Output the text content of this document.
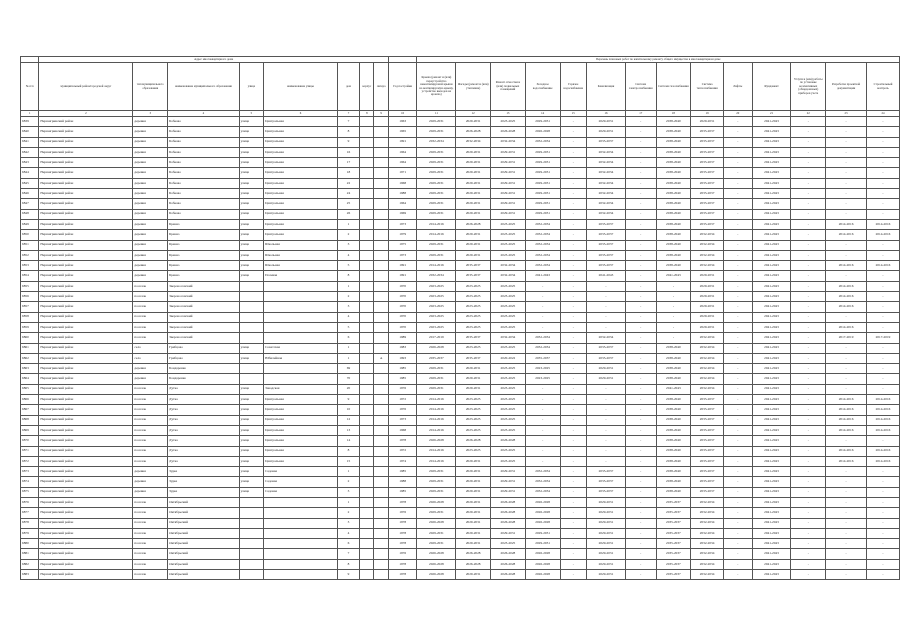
	Адрес многоквартирного дома									Перечень плановых работ по капитальному ремонту общего имущества в многоквартирном доме													
№ п/п	муниципальный район/городской округ	тип муниципального образования	наименование муниципального образования	улица	наименование улицы	дом	корпус	литера	Год постройки	Крыша (ремонт и (или) переустройство невентилируемой крыши на вентилируемую крышу, устройство выходов на кровлю)	Фасады (ремонт и (или) утепление)	Ремонт отмостки и (или) подвальных помещений	Холодное водоснабжение	Горячее водоснабжение	Канализация	Система электроснабжения	Система газоснабжения	Система теплоснабжения	Лифты	Фундамент	Услуги и (или) работы по установке коллективных (общедомовых) приборов учета	Разработка проектной документации	Строительный контроль
1	2	3	4	5	6	7	8	9	10	11	12	13	14	15	16	17	18	19	20	21	22	23	24
6839	Нерюнгринский район	деревня	Бобково	улица	Центральная	7			1963	2029-2031	2029-2031	2023-2025	2029-2031	-	2029-2031	-	2038-2040	2029-2031	-	2041-2043	-	-	-
6840	Нерюнгринский район	деревня	Бобково	улица	Центральная	8			1965	2029-2031	2026-2028	2026-2028	2026-2028	-	2029-2031	-	2038-2040	2035-2037	-	2041-2043	-	-	-
6841	Нерюнгринский район	деревня	Бобково	улица	Центральная	9			1991	2032-2034	2032-2034	2032-2034	2032-2034	-	2035-2037	-	2038-2040	2035-2037	-	2041-2043	-	-	-
6842	Нерюнгринский район	деревня	Бобково	улица	Центральная	16			1964	2029-2031	2029-2031	2029-2031	2029-2031	-	2032-2034	-	2038-2040	2035-2037	-	2041-2043	-	-	-
6843	Нерюнгринский район	деревня	Бобково	улица	Центральная	17			1964	2029-2031	2029-2031	2029-2031	2029-2031	-	2032-2034	-	2038-2040	2035-2037	-	2041-2043	-	-	-
6844	Нерюнгринский район	деревня	Бобково	улица	Центральная	18			1971	2029-2031	2029-2031	2029-2031	2029-2031	-	2032-2034	-	2038-2040	2035-2037	-	2041-2043	-	-	-
6845	Нерюнгринский район	деревня	Бобково	улица	Центральная	22			1968	2029-2031	2029-2031	2029-2031	2029-2031	-	2032-2034	-	2038-2040	2035-2037	-	2041-2043	-	-	-
6846	Нерюнгринский район	деревня	Бобково	улица	Центральная	24			1988	2029-2031	2029-2031	2029-2031	2029-2031	-	2032-2034	-	2038-2040	2035-2037	-	2041-2043	-	-	-
6847	Нерюнгринский район	деревня	Бобково	улица	Центральная	25			1964	2029-2031	2029-2031	2029-2031	2029-2031	-	2032-2034	-	2038-2040	2035-2037	-	2041-2043	-	-	-
6848	Нерюнгринский район	деревня	Бобково	улица	Центральная	26			1969	2029-2031	2029-2031	2029-2031	2029-2031	-	2032-2034	-	2038-2040	2035-2037	-	2041-2043	-	-	-
6849	Нерюнгринский район	деревня	Бревно	улица	Центральная	1			1973	2014-2016	2026-2028	2023-2025	2032-2034	-	2035-2037	-	2038-2040	2035-2037	-	2041-2043	-	2014-2016	2014-2016
6850	Нерюнгринский район	деревня	Бревно	улица	Центральная	2			1979	2014-2016	2029-2031	2023-2025	2032-2034	-	2035-2037	-	2038-2040	2032-2034	-	2041-2043	-	2014-2016	2014-2016
6851	Нерюнгринский район	деревня	Бревно	улица	Школьная	3			1975	2029-2031	2029-2031	2023-2025	2032-2034	-	2035-2037	-	2038-2040	2032-2034	-	2041-2043	-	-	-
6852	Нерюнгринский район	деревня	Бревно	улица	Школьная	4			1973	2029-2031	2029-2031	2023-2025	2032-2034	-	2035-2037	-	2038-2040	2032-2034	-	2041-2043	-	-	-
6853	Нерюнгринский район	деревня	Бревно	улица	Школьная	5			1991	2014-2016	2035-2037	2032-2034	2032-2034	-	2035-2037	-	2038-2040	2032-2034	-	2041-2043	-	2014-2016	2014-2016
6854	Нерюнгринский район	деревня	Бревно	улица	Полевая	8			1991	2032-2034	2035-2037	2032-2034	2041-2043	-	2041-2043	-	2041-2043	2029-2031	-	2041-2043	-	-	-
6855	Нерюнгринский район	поселок	Звероносовский			1			1970	2023-2025	2023-2025	2023-2025	-	-	-	-	-	2029-2031	-	2041-2043	-	2014-2016	-
6856	Нерюнгринский район	поселок	Звероносовский			2			1970	2023-2025	2023-2025	2023-2025	-	-	-	-	-	2029-2031	-	2041-2043	-	2014-2016	-
6857	Нерюнгринский район	поселок	Звероносовский			3			1970	2023-2025	2023-2025	2023-2025	-	-	-	-	-	2029-2031	-	2041-2043	-	2014-2016	-
6858	Нерюнгринский район	поселок	Звероносовский			4			1970	2023-2025	2023-2025	2023-2025	-	-	-	-	-	2029-2031	-	2041-2043	-	-	-
6859	Нерюнгринский район	поселок	Звероносовский			5			1970	2023-2025	2023-2025	2023-2025	-	-	-	-	-	2029-2031	-	2041-2043	-	2014-2016	-
6860	Нерюнгринский район	поселок	Звероносовский			6			1989	2017-2019	2035-2037	2032-2034	2032-2034	-	2032-2034	-	-	2032-2034	-	2041-2043	-	2017-2019	2017-2019
6861	Нерюнгринский район	село	Грибцово	улица	Советская	1			1983	2026-2028	2023-2025	2023-2025	2032-2034	-	2035-2037	-	2038-2040	2032-2034	-	2041-2043	-	-	-
6862	Нерюнгринский район	село	Грибцово	улица	Юбилейная	1		А	1993	2035-2037	2035-2037	2020-2022	2035-2037	-	2035-2037	-	2038-2040	2032-2034	-	2041-2043	-	-	-
6863	Нерюнгринский район	деревня	Бондаренко			69			1985	2029-2031	2029-2031	2023-2025	2023-2025	-	2029-2031	-	2038-2040	2032-2034	-	2041-2043	-	-	-
6864	Нерюнгринский район	деревня	Бондаренко			70			1985	2029-2031	2029-2031	2023-2025	2023-2025	-	2029-2031	-	2038-2040	2032-2034	-	2041-2043	-	-	-
6865	Нерюнгринский район	поселок	Дутка	улица	Заводская	20			1976	2029-2031	2029-2031	2023-2025	-	-	-	-	2041-2043	2032-2034	-	2041-2043	-	-	-
6866	Нерюнгринский район	поселок	Дутка	улица	Центральная	9			1972	2014-2016	2023-2025	2023-2025	-	-	-	-	2038-2040	2035-2037	-	2041-2043	-	2014-2016	2014-2016
6867	Нерюнгринский район	поселок	Дутка	улица	Центральная	10			1976	2014-2016	2023-2025	2023-2025	-	-	-	-	2038-2040	2035-2037	-	2041-2043	-	2014-2016	2014-2016
6868	Нерюнгринский район	поселок	Дутка	улица	Центральная	12			1973	2014-2016	2023-2025	2023-2025	-	-	-	-	2038-2040	2035-2037	-	2041-2043	-	2014-2016	2014-2016
6869	Нерюнгринский район	поселок	Дутка	улица	Центральная	13			1968	2014-2016	2023-2025	2023-2025	-	-	-	-	2038-2040	2035-2037	-	2041-2043	-	2014-2016	2014-2016
6870	Нерюнгринский район	поселок	Дутка	улица	Центральная	14			1978	2026-2028	2026-2028	2026-2028	-	-	-	-	2038-2040	2035-2037	-	2041-2043	-	-	-
6871	Нерюнгринский район	поселок	Дутка	улица	Центральная	8			1972	2014-2016	2023-2025	2023-2025	-	-	-	-	2038-2040	2035-2037	-	2041-2043	-	2014-2016	2014-2016
6872	Нерюнгринский район	поселок	Дутка	улица	Центральная	15			1974	2014-2016	2029-2031	2023-2025	-	-	-	-	2038-2040	2035-2037	-	2041-2043	-	2014-2016	2014-2016
6873	Нерюнгринский район	деревня	Зудка	улица	Садовая	1			1985	2029-2031	2029-2031	2029-2031	2032-2034	-	2035-2037	-	2038-2040	2035-2037	-	2041-2043	-	-	-
6874	Нерюнгринский район	деревня	Зудка	улица	Садовая	2			1988	2029-2031	2029-2031	2029-2031	2032-2034	-	2035-2037	-	2038-2040	2035-2037	-	2041-2043	-	-	-
6875	Нерюнгринский район	деревня	Зудка	улица	Садовая	3			1985	2029-2031	2029-2031	2029-2031	2032-2034	-	2035-2037	-	2038-2040	2035-2037	-	2041-2043	-	-	-
6876	Нерюнгринский район	поселок	Октябрьский			1			1978	2026-2028	2029-2031	2026-2028	2026-2028	-	2029-2031	-	2035-2037	2032-2034	-	2041-2043	-	-	-
6877	Нерюнгринский район	поселок	Октябрьский			2			1976	2029-2031	2029-2031	2026-2028	2026-2028	-	2029-2031	-	2035-2037	2032-2034	-	2041-2043	-	-	-
6878	Нерюнгринский район	поселок	Октябрьский			3			1978	2026-2028	2029-2031	2026-2028	2026-2028	-	2029-2031	-	2035-2037	2032-2034	-	2041-2043	-	-	-
6879	Нерюнгринский район	поселок	Октябрьский			4			1978	2029-2031	2029-2031	2029-2031	2029-2031	-	2029-2031	-	2035-2037	2032-2034	-	2041-2043	-	-	-
6880	Нерюнгринский район	поселок	Октябрьский			6			1978	2029-2031	2029-2031	2023-2025	2029-2031	-	2029-2031	-	2035-2037	2032-2034	-	2041-2043	-	-	-
6881	Нерюнгринский район	поселок	Октябрьский			7			1976	2026-2028	2026-2028	2026-2028	2026-2028	-	2029-2031	-	2035-2037	2032-2034	-	2041-2043	-	-	-
6882	Нерюнгринский район	поселок	Октябрьский			8			1978	2026-2028	2026-2028	2026-2028	2026-2028	-	2029-2031	-	2035-2037	2032-2034	-	2041-2043	-	-	-
6883	Нерюнгринский район	поселок	Октябрьский			9			1978	2026-2028	2029-2031	2026-2028	2026-2028	-	2029-2031	-	2035-2037	2032-2034	-	2041-2043	-	-	-
